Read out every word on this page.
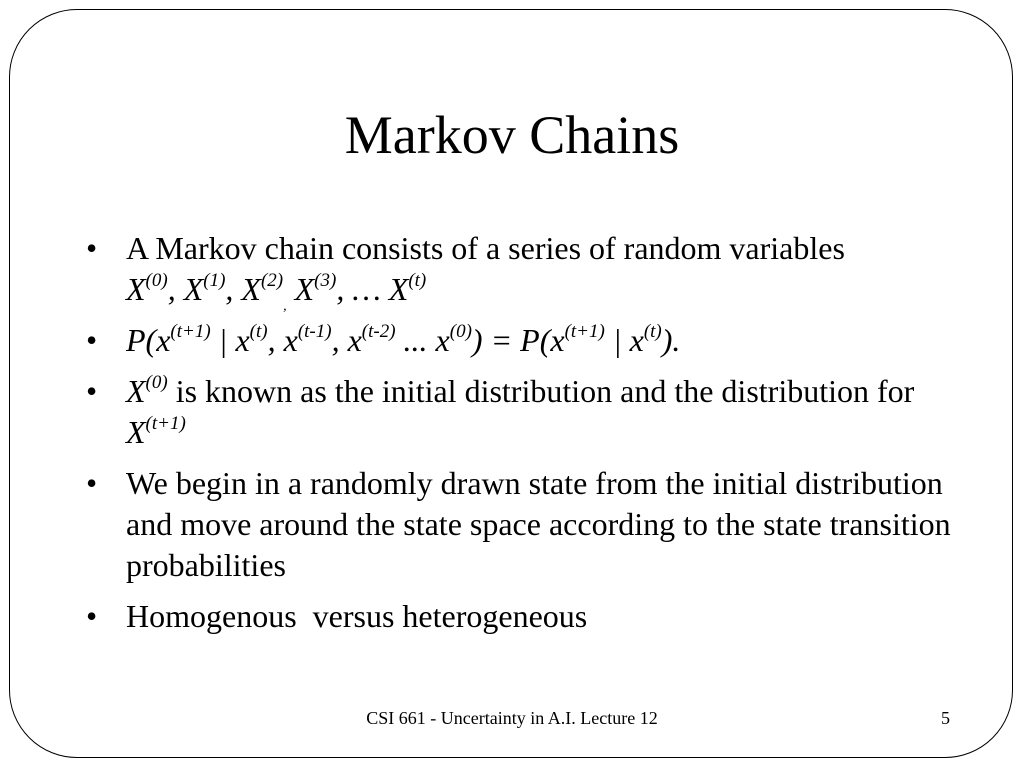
Markov Chains
• A Markov chain consists of a series of random variables $X^{(0)}$, $X^{(1)}$, $X^{(2)}_,$ $X^{(3)}$, … $X^{(t)}$
• $P(x^{(t+1)}$ | $x^{(t)}$, $x^{(t-1)}$, $x^{(t-2)}$ ... $x^{(0)}) = P(x^{(t+1)}$ | $x^{(t)}$).
• $X^{(0)}$ is known as the initial distribution and the distribution for $X^{(t+1)}$
• We begin in a randomly drawn state from the initial distribution and move around the state space according to the state transition probabilities
• Homogenous  versus heterogeneous
CSI 661 - Uncertainty in A.I. Lecture 12	5
